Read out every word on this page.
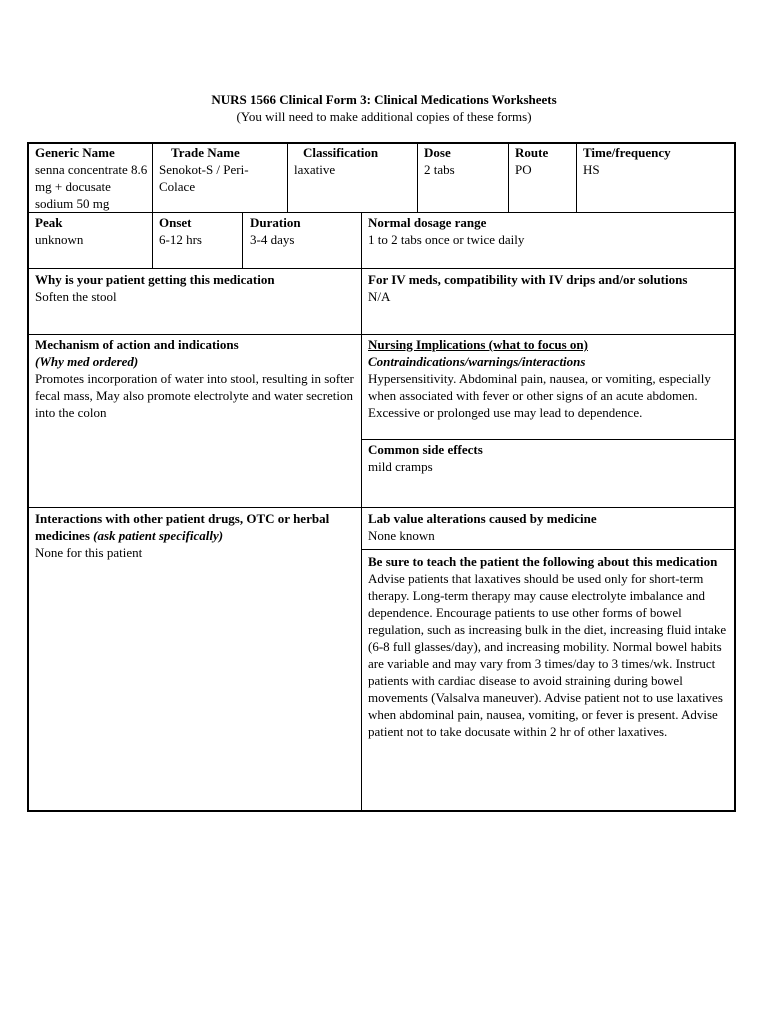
NURS 1566 Clinical Form 3: Clinical Medications Worksheets
(You will need to make additional copies of these forms)
Generic Name
senna concentrate 8.6 mg + docusate sodium 50 mg
Trade Name
Senokot-S / Peri-Colace
Classification
laxative
Dose
2 tabs
Route
PO
Time/frequency
HS
Peak
unknown
Onset
6-12 hrs
Duration
3-4 days
Normal dosage range
1 to 2 tabs once or twice daily
Why is your patient getting this medication
Soften the stool
For IV meds, compatibility with IV drips and/or solutions
N/A
Mechanism of action and indications
(Why med ordered)
Promotes incorporation of water into stool, resulting in softer fecal mass, May also promote electrolyte and water secretion into the colon
Nursing Implications (what to focus on)
Contraindications/warnings/interactions
Hypersensitivity. Abdominal pain, nausea, or vomiting, especially when associated with fever or other signs of an acute abdomen. Excessive or prolonged use may lead to dependence.
Common side effects
mild cramps
Interactions with other patient drugs, OTC or herbal medicines (ask patient specifically)
None for this patient
Lab value alterations caused by medicine
None known
Be sure to teach the patient the following about this medication
Advise patients that laxatives should be used only for short-term therapy. Long-term therapy may cause electrolyte imbalance and dependence. Encourage patients to use other forms of bowel regulation, such as increasing bulk in the diet, increasing fluid intake (6-8 full glasses/day), and increasing mobility. Normal bowel habits are variable and may vary from 3 times/day to 3 times/wk. Instruct patients with cardiac disease to avoid straining during bowel movements (Valsalva maneuver). Advise patient not to use laxatives when abdominal pain, nausea, vomiting, or fever is present. Advise patient not to take docusate within 2 hr of other laxatives.
